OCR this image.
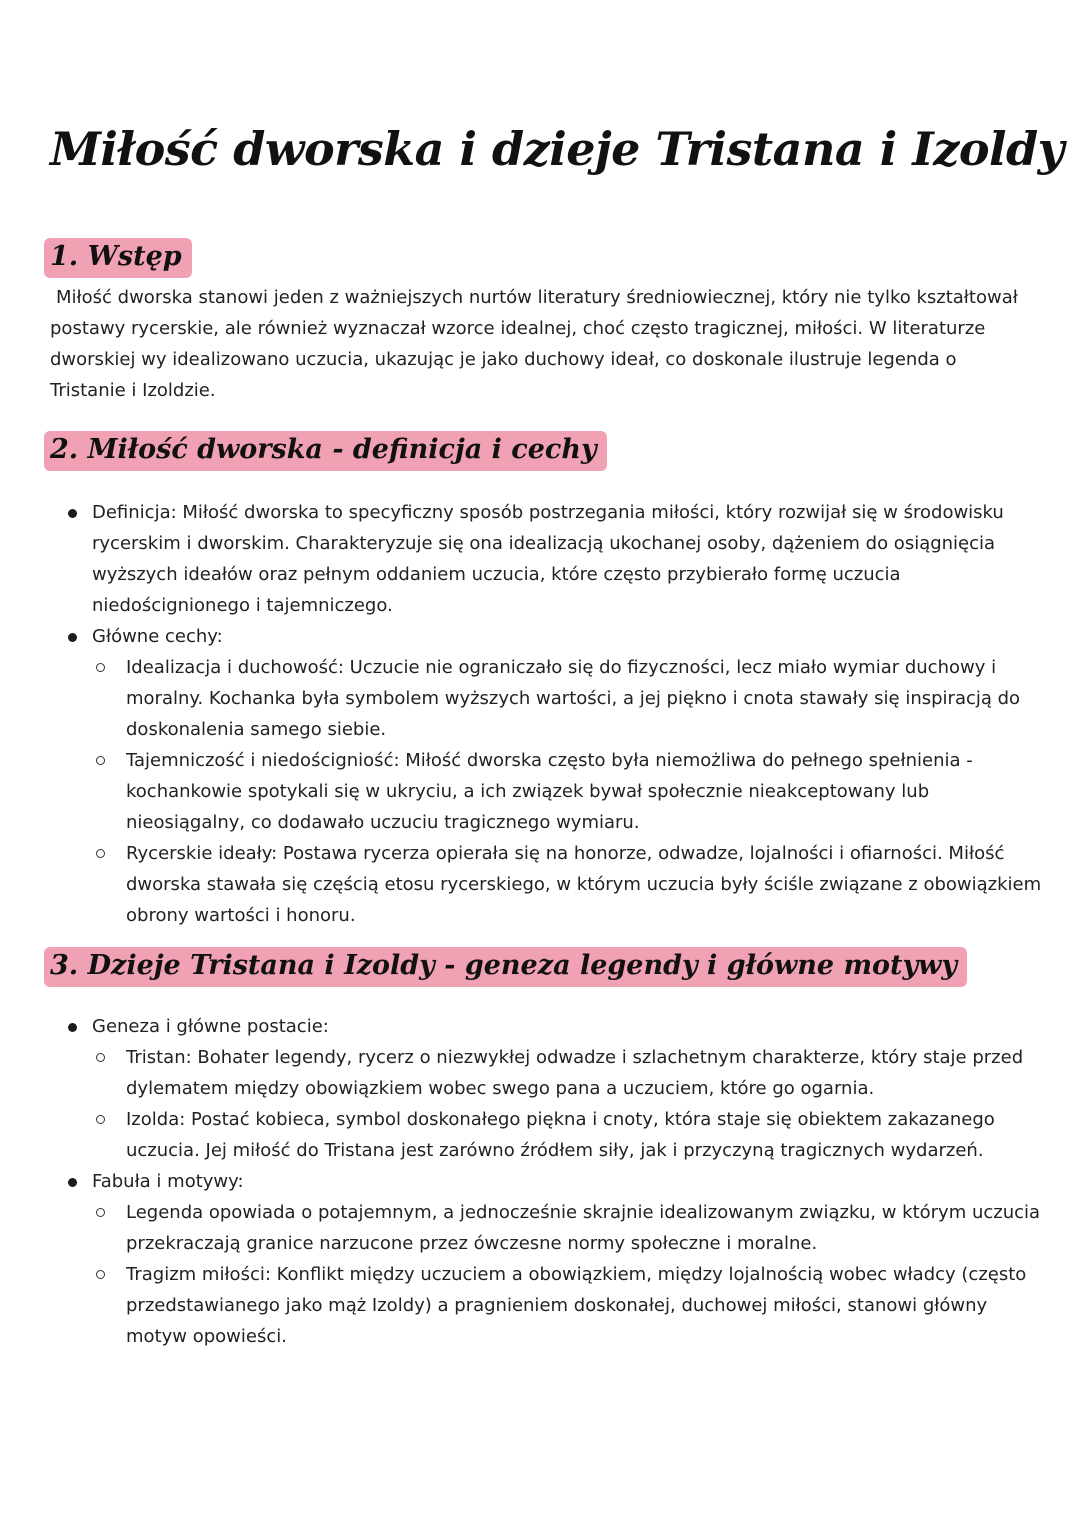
Miłość dworska i dzieje Tristana i Izoldy
1. Wstęp

Miłość dworska stanowi jeden z ważniejszych nurtów literatury średniowiecznej, który nie tylko kształtował postawy rycerskie, ale również wyznaczał wzorce idealnej, choć często tragicznej, miłości. W literaturze dworskiej wy idealizowano uczucia, ukazując je jako duchowy ideał, co doskonale ilustruje legenda o Tristanie i Izoldzie.

2. Miłość dworska - definicja i cechy
Definicja: Miłość dworska to specyficzny sposób postrzegania miłości, który rozwijał się w środowisku rycerskim i dworskim. Charakteryzuje się ona idealizacją ukochanej osoby, dążeniem do osiągnięcia wyższych ideałów oraz pełnym oddaniem uczucia, które często przybierało formę uczucia niedoścignionego i tajemniczego.
Główne cechy:
Idealizacja i duchowość: Uczucie nie ograniczało się do fizyczności, lecz miało wymiar duchowy i moralny. Kochanka była symbolem wyższych wartości, a jej piękno i cnota stawały się inspiracją do doskonalenia samego siebie.
Tajemniczość i niedościgniość: Miłość dworska często była niemożliwa do pełnego spełnienia - kochankowie spotykali się w ukryciu, a ich związek bywał społecznie nieakceptowany lub nieosiągalny, co dodawało uczuciu tragicznego wymiaru.
Rycerskie ideały: Postawa rycerza opierała się na honorze, odwadze, lojalności i ofiarności. Miłość dworska stawała się częścią etosu rycerskiego, w którym uczucia były ściśle związane z obowiązkiem obrony wartości i honoru.
3. Dzieje Tristana i Izoldy - geneza legendy i główne motywy
Geneza i główne postacie:
Tristan: Bohater legendy, rycerz o niezwykłej odwadze i szlachetnym charakterze, który staje przed dylematem między obowiązkiem wobec swego pana a uczuciem, które go ogarnia.
Izolda: Postać kobieca, symbol doskonałego piękna i cnoty, która staje się obiektem zakazanego uczucia. Jej miłość do Tristana jest zarówno źródłem siły, jak i przyczyną tragicznych wydarzeń.
Fabuła i motywy:
Legenda opowiada o potajemnym, a jednocześnie skrajnie idealizowanym związku, w którym uczucia przekraczają granice narzucone przez ówczesne normy społeczne i moralne.
Tragizm miłości: Konflikt między uczuciem a obowiązkiem, między lojalnością wobec władcy (często przedstawianego jako mąż Izoldy) a pragnieniem doskonałej, duchowej miłości, stanowi główny motyw opowieści.
